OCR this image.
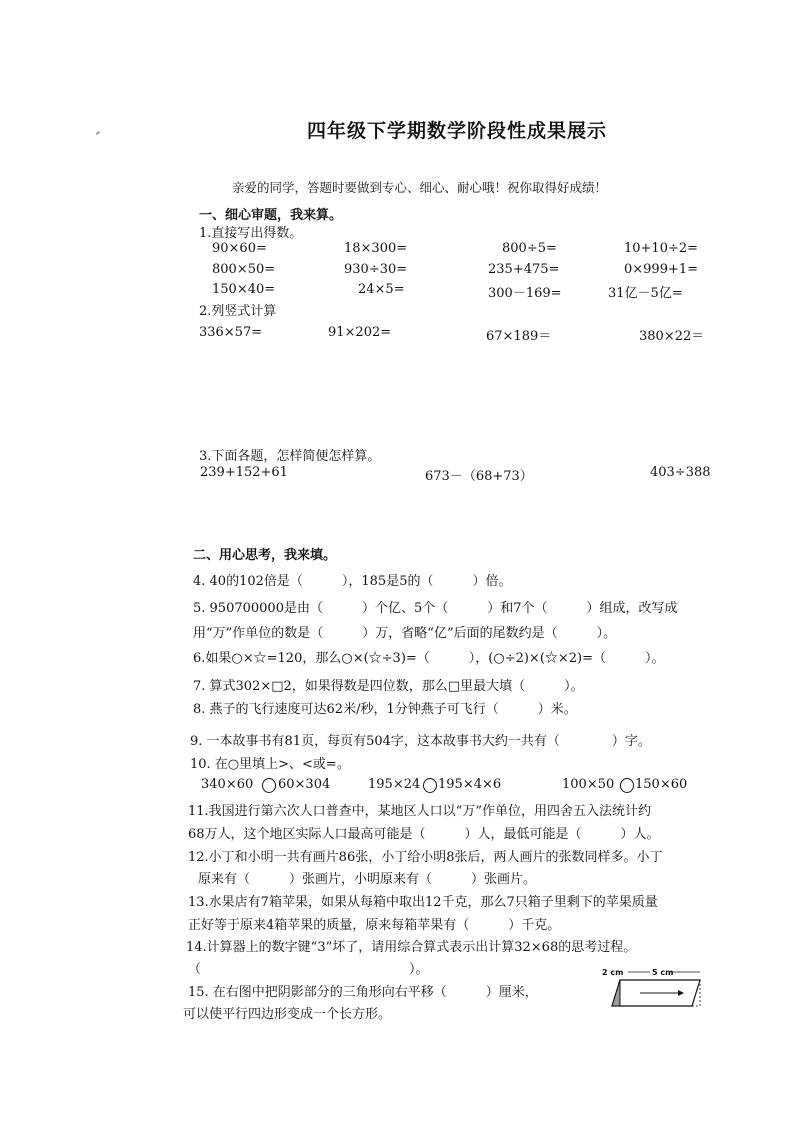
四年级下学期数学阶段性成果展示
亲爱的同学，答题时要做到专心、细心、耐心哦！祝你取得好成绩！
一、细心审题，我来算。
1.直接写出得数。
90×60=	18×300=	800÷5=	10+10÷2=
800×50=	930÷30=	235+475=	0×999+1=
150×40=	24×5=	300－169=	31亿－5亿=
2.列竖式计算
336×57=	91×202=	67×189＝	380×22＝
3.下面各题，怎样简便怎样算。
239+152+61	673－（68+73）	403÷388
二、用心思考，我来填。
4. 40的102倍是（　　　），185是5的（　　　）倍。
5. 950700000是由（　　　）个亿、5个（　　　）和7个（　　　）组成，改写成
用“万”作单位的数是（　　　）万，省略“亿”后面的尾数约是（　　　）。
6.如果○×☆=120，那么○×(☆÷3)=（　　　），(○÷2)×(☆×2)=（　　　）。
7. 算式302×□2，如果得数是四位数，那么□里最大填（　　　）。
8. 燕子的飞行速度可达62米/秒，1分钟燕子可飞行（　　　）米。
9. 一本故事书有81页，每页有504字，这本故事书大约一共有（　　　　）字。
10. 在○里填上>、<或=。
340×60 60×304	195×24 195×4×6	100×50 150×60
11.我国进行第六次人口普查中，某地区人口以“万”作单位，用四舍五入法统计约
68万人，这个地区实际人口最高可能是（　　　）人，最低可能是（　　　）人。
12.小丁和小明一共有画片86张，小丁给小明8张后，两人画片的张数同样多。小丁
原来有（　　　）张画片，小明原来有（　　　）张画片。
13.水果店有7箱苹果，如果从每箱中取出12千克，那么7只箱子里剩下的苹果质量
正好等于原来4箱苹果的质量，原来每箱苹果有（　　　）千克。
14.计算器上的数字键“3”坏了，请用综合算式表示出计算32×68的思考过程。
（　　　　　　　　　　　　　　　　）。
15. 在右图中把阴影部分的三角形向右平移（　　　）厘米，
可以使平行四边形变成一个长方形。
2 cm	5 cm
